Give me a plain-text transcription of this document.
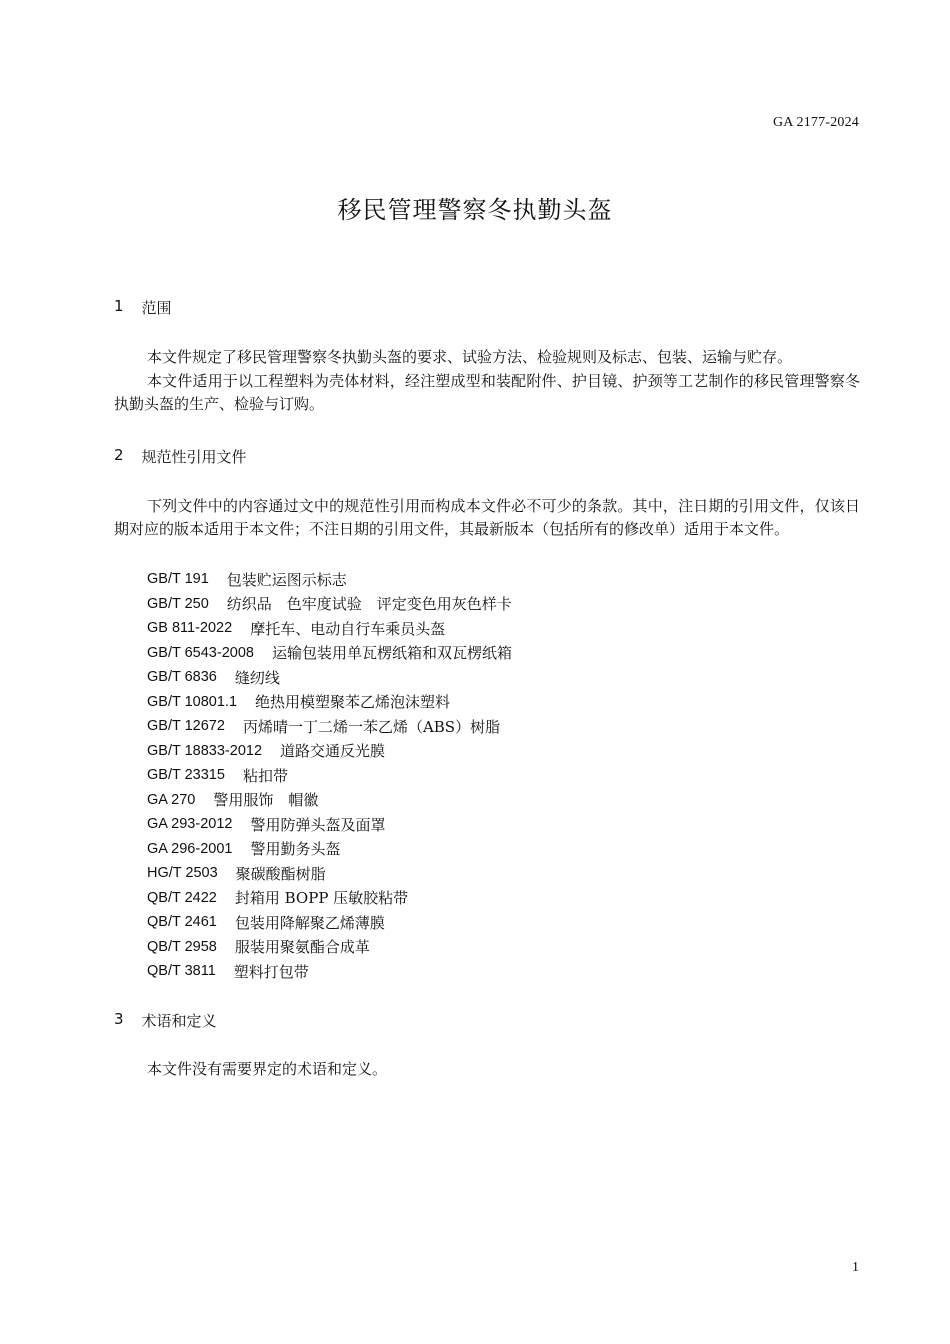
GA 2177-2024
移民管理警察冬执勤头盔
1 范围

本文件规定了移民管理警察冬执勤头盔的要求、试验方法、检验规则及标志、包装、运输与贮存。

本文件适用于以工程塑料为壳体材料，经注塑成型和装配附件、护目镜、护颈等工艺制作的移民管理警察冬执勤头盔的生产、检验与订购。

2 规范性引用文件

下列文件中的内容通过文中的规范性引用而构成本文件必不可少的条款。其中，注日期的引用文件，仅该日期对应的版本适用于本文件；不注日期的引用文件，其最新版本（包括所有的修改单）适用于本文件。

GB/T 191 包装贮运图示标志
GB/T 250 纺织品　色牢度试验　评定变色用灰色样卡
GB 811-2022 摩托车、电动自行车乘员头盔
GB/T 6543-2008 运输包装用单瓦楞纸箱和双瓦楞纸箱
GB/T 6836 缝纫线
GB/T 10801.1 绝热用模塑聚苯乙烯泡沫塑料
GB/T 12672 丙烯晴一丁二烯一苯乙烯（ABS）树脂
GB/T 18833-2012 道路交通反光膜
GB/T 23315 粘扣带
GA 270 警用服饰　帽徽
GA 293-2012 警用防弹头盔及面罩
GA 296-2001 警用勤务头盔
HG/T 2503 聚碳酸酯树脂
QB/T 2422 封箱用 BOPP 压敏胶粘带
QB/T 2461 包装用降解聚乙烯薄膜
QB/T 2958 服装用聚氨酯合成革
QB/T 3811 塑料打包带
3 术语和定义

本文件没有需要界定的术语和定义。

1
